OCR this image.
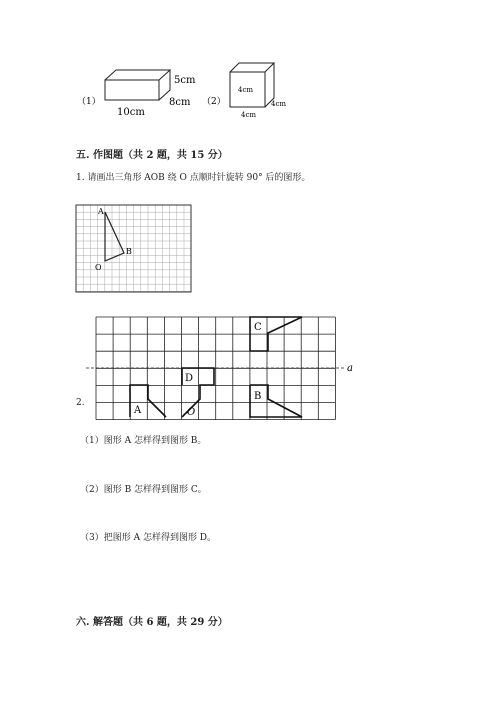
（1）
5cm
8cm
10cm
（2）
4cm
4cm
4cm
五. 作图题（共 2 题，共 15 分）
1. 请画出三角形 AOB 绕 O 点顺时针旋转 90° 后的图形。
A
B
O
2.
a
A
D
O
B
C
（1）图形 A 怎样得到图形 B。
（2）图形 B 怎样得到图形 C。
（3）把图形 A 怎样得到图形 D。
六. 解答题（共 6 题，共 29 分）
